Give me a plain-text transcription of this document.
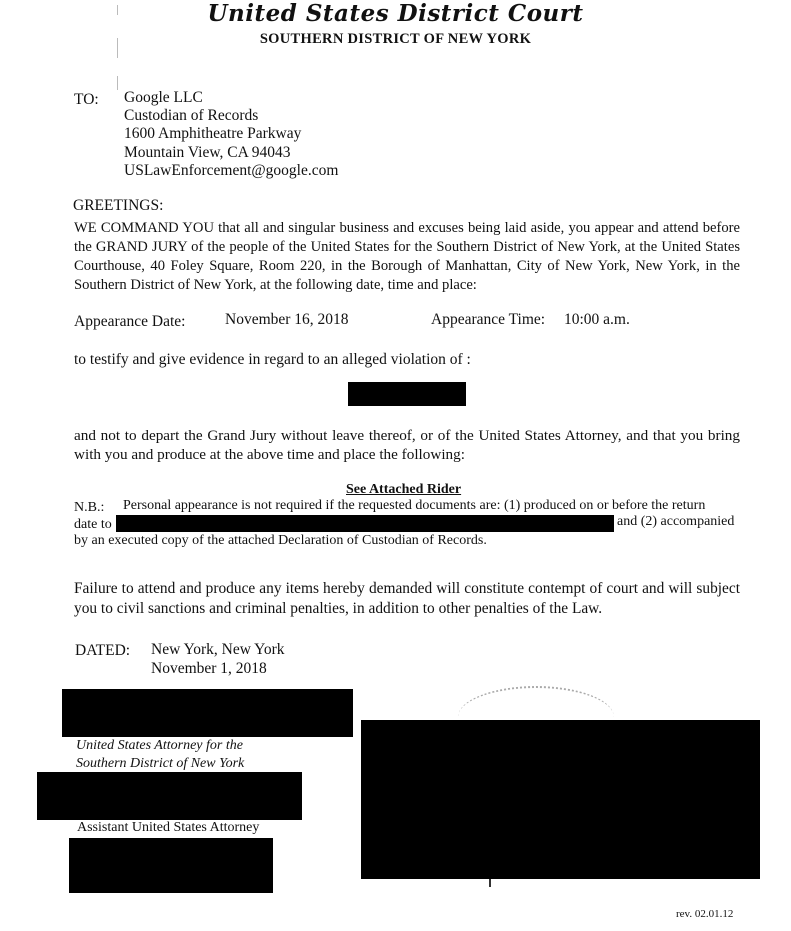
United States District Court
SOUTHERN DISTRICT OF NEW YORK
TO: Google LLC
Custodian of Records
1600 Amphitheatre Parkway
Mountain View, CA 94043
USLawEnforcement@google.com
GREETINGS:
WE COMMAND YOU that all and singular business and excuses being laid aside, you appear and attend before the GRAND JURY of the people of the United States for the Southern District of New York, at the United States Courthouse, 40 Foley Square, Room 220, in the Borough of Manhattan, City of New York, New York, in the Southern District of New York, at the following date, time and place:
Appearance Date:	November 16, 2018	Appearance Time: 10:00 a.m.
to testify and give evidence in regard to an alleged violation of :
and not to depart the Grand Jury without leave thereof, or of the United States Attorney, and that you bring with you and produce at the above time and place the following:
See Attached Rider
N.B.: Personal appearance is not required if the requested documents are: (1) produced on or before the return
date to	and (2) accompanied
by an executed copy of the attached Declaration of Custodian of Records.
Failure to attend and produce any items hereby demanded will constitute contempt of court and will subject you to civil sanctions and criminal penalties, in addition to other penalties of the Law.
DATED: New York, New York
November 1, 2018
United States Attorney for the
Southern District of New York
Assistant United States Attorney
rev. 02.01.12
